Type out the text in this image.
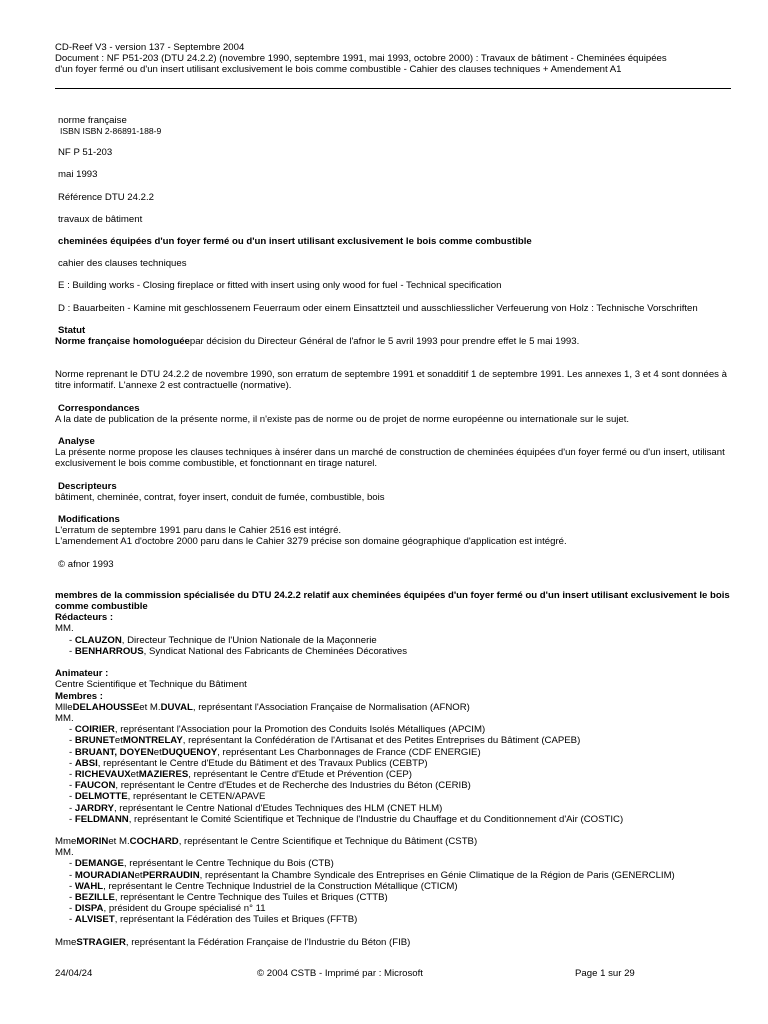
CD-Reef V3 - version 137 - Septembre 2004
Document : NF P51-203 (DTU 24.2.2) (novembre 1990, septembre 1991, mai 1993, octobre 2000) : Travaux de bâtiment - Cheminées équipées
d'un foyer fermé ou d'un insert utilisant exclusivement le bois comme combustible - Cahier des clauses techniques + Amendement A1
norme française
ISBN ISBN 2-86891-188-9
NF P 51-203
mai 1993
Référence DTU 24.2.2
travaux de bâtiment
cheminées équipées d'un foyer fermé ou d'un insert utilisant exclusivement le bois comme combustible
cahier des clauses techniques
E : Building works - Closing fireplace or fitted with insert using only wood for fuel - Technical specification
D : Bauarbeiten - Kamine mit geschlossenem Feuerraum oder einem Einsattzteil und ausschliesslicher Verfeuerung von Holz : Technische Vorschriften
Statut
Norme française homologuéepar décision du Directeur Général de l'afnor le 5 avril 1993 pour prendre effet le 5 mai 1993.
Norme reprenant le DTU 24.2.2 de novembre 1990, son erratum de septembre 1991 et sonadditif 1 de septembre 1991. Les annexes 1, 3 et 4 sont données à titre informatif. L'annexe 2 est contractuelle (normative).
Correspondances
A la date de publication de la présente norme, il n'existe pas de norme ou de projet de norme européenne ou internationale sur le sujet.
Analyse
La présente norme propose les clauses techniques à insérer dans un marché de construction de cheminées équipées d'un foyer fermé ou d'un insert, utilisant exclusivement le bois comme combustible, et fonctionnant en tirage naturel.
Descripteurs
bâtiment, cheminée, contrat, foyer insert, conduit de fumée, combustible, bois
Modifications
L'erratum de septembre 1991 paru dans le Cahier 2516 est intégré.
L'amendement A1 d'octobre 2000 paru dans le Cahier 3279 précise son domaine géographique d'application est intégré.
© afnor 1993
membres de la commission spécialisée du DTU 24.2.2 relatif aux cheminées équipées d'un foyer fermé ou d'un insert utilisant exclusivement le bois comme combustible
Rédacteurs :
MM.
- CLAUZON, Directeur Technique de l'Union Nationale de la Maçonnerie
- BENHARROUS, Syndicat National des Fabricants de Cheminées Décoratives
Animateur :
Centre Scientifique et Technique du Bâtiment
Membres :
MlleDELAHOUSSEet M.DUVAL, représentant l'Association Française de Normalisation (AFNOR)
MM.
- COIRIER, représentant l'Association pour la Promotion des Conduits Isolés Métalliques (APCIM)
- BRUNETetMONTRELAY, représentant la Confédération de l'Artisanat et des Petites Entreprises du Bâtiment (CAPEB)
- BRUANT, DOYENetDUQUENOY, représentant Les Charbonnages de France (CDF ENERGIE)
- ABSI, représentant le Centre d'Etude du Bâtiment et des Travaux Publics (CEBTP)
- RICHEVAUXetMAZIERES, représentant le Centre d'Etude et Prévention (CEP)
- FAUCON, représentant le Centre d'Etudes et de Recherche des Industries du Béton (CERIB)
- DELMOTTE, représentant le CETEN/APAVE
- JARDRY, représentant le Centre National d'Etudes Techniques des HLM (CNET HLM)
- FELDMANN, représentant le Comité Scientifique et Technique de l'Industrie du Chauffage et du Conditionnement d'Air (COSTIC)
MmeMORINet M.COCHARD, représentant le Centre Scientifique et Technique du Bâtiment (CSTB)
MM.
- DEMANGE, représentant le Centre Technique du Bois (CTB)
- MOURADIANetPERRAUDIN, représentant la Chambre Syndicale des Entreprises en Génie Climatique de la Région de Paris (GENERCLIM)
- WAHL, représentant le Centre Technique Industriel de la Construction Métallique (CTICM)
- BEZILLE, représentant le Centre Technique des Tuiles et Briques (CTTB)
- DISPA, président du Groupe spécialisé n° 11
- ALVISET, représentant la Fédération des Tuiles et Briques (FFTB)
MmeSTRAGIER, représentant la Fédération Française de l'Industrie du Béton (FIB)
24/04/24	© 2004 CSTB - Imprimé par : Microsoft	Page 1 sur 29
